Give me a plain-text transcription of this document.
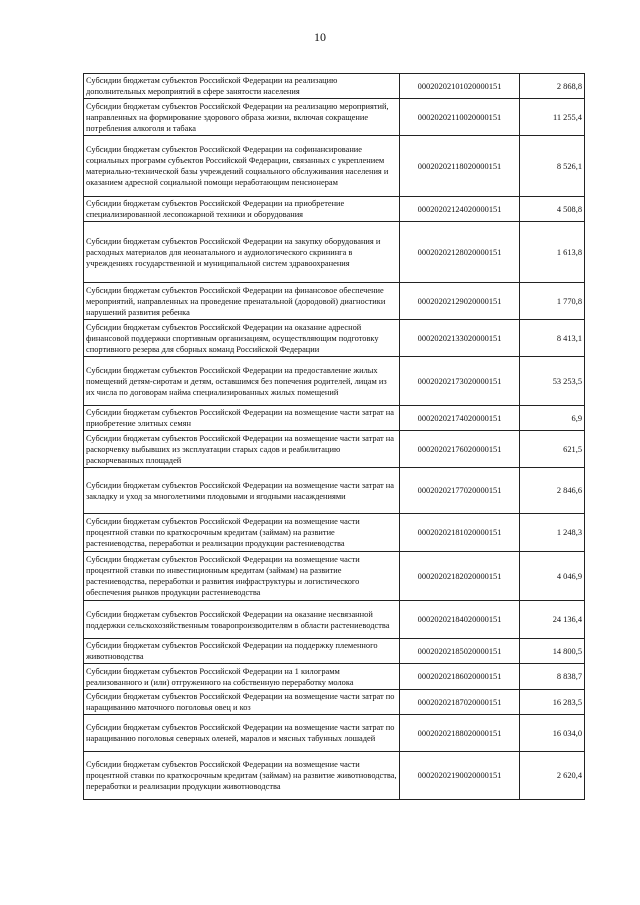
10
Субсидии бюджетам субъектов Российской Федерации на реализацию дополнительных мероприятий в сфере занятости населения	00020202101020000151	2 868,8
Субсидии бюджетам субъектов Российской Федерации на реализацию мероприятий, направленных на формирование здорового образа жизни, включая сокращение потребления алкоголя и табака	00020202110020000151	11 255,4
Субсидии бюджетам субъектов Российской Федерации на софинансирование социальных программ субъектов Российской Федерации, связанных с укреплением материально-технической базы учреждений социального обслуживания населения и оказанием адресной социальной помощи неработающим пенсионерам	00020202118020000151	8 526,1
Субсидии бюджетам субъектов Российской Федерации на приобретение специализированной лесопожарной техники и оборудования	00020202124020000151	4 508,8
Субсидии бюджетам субъектов Российской Федерации на закупку оборудования и расходных материалов для неонатального и аудиологического скрининга в учреждениях государственной и муниципальной систем здравоохранения	00020202128020000151	1 613,8
Субсидии бюджетам субъектов Российской Федерации на финансовое обеспечение мероприятий, направленных на проведение пренатальной (дородовой) диагностики нарушений развития ребенка	00020202129020000151	1 770,8
Субсидии бюджетам субъектов Российской Федерации на оказание адресной финансовой поддержки спортивным организациям, осуществляющим подготовку спортивного резерва для сборных команд Российской Федерации	00020202133020000151	8 413,1
Субсидии бюджетам субъектов Российской Федерации на предоставление жилых помещений детям-сиротам и детям, оставшимся без попечения родителей, лицам из их числа по договорам найма специализированных жилых помещений	00020202173020000151	53 253,5
Субсидии бюджетам субъектов Российской Федерации на возмещение части затрат на приобретение элитных семян	00020202174020000151	6,9
Субсидии бюджетам субъектов Российской Федерации на возмещение части затрат на раскорчевку выбывших из эксплуатации старых садов и реабилитацию раскорчеванных площадей	00020202176020000151	621,5
Субсидии бюджетам субъектов Российской Федерации на возмещение части затрат на закладку и уход за многолетними плодовыми и ягодными насаждениями	00020202177020000151	2 846,6
Субсидии бюджетам субъектов Российской Федерации на возмещение части процентной ставки по краткосрочным кредитам (займам) на развитие растениеводства, переработки и реализации продукции растениеводства	00020202181020000151	1 248,3
Субсидии бюджетам субъектов Российской Федерации на возмещение части процентной ставки по инвестиционным кредитам (займам) на развитие растениеводства, переработки и развития инфраструктуры и логистического обеспечения рынков продукции растениеводства	00020202182020000151	4 046,9
Субсидии бюджетам субъектов Российской Федерации на оказание несвязанной поддержки сельскохозяйственным товаропроизводителям в области растениеводства	00020202184020000151	24 136,4
Субсидии бюджетам субъектов Российской Федерации на поддержку племенного животноводства	00020202185020000151	14 800,5
Субсидии бюджетам субъектов Российской Федерации на 1 килограмм реализованного и (или) отгруженного на собственную переработку молока	00020202186020000151	8 838,7
Субсидии бюджетам субъектов Российской Федерации на возмещение части затрат по наращиванию маточного поголовья овец и коз	00020202187020000151	16 283,5
Субсидии бюджетам субъектов Российской Федерации на возмещение части затрат по наращиванию поголовья северных оленей, маралов и мясных табунных лошадей	00020202188020000151	16 034,0
Субсидии бюджетам субъектов Российской Федерации на возмещение части процентной ставки по краткосрочным кредитам (займам) на развитие животноводства, переработки и реализации продукции животноводства	00020202190020000151	2 620,4
